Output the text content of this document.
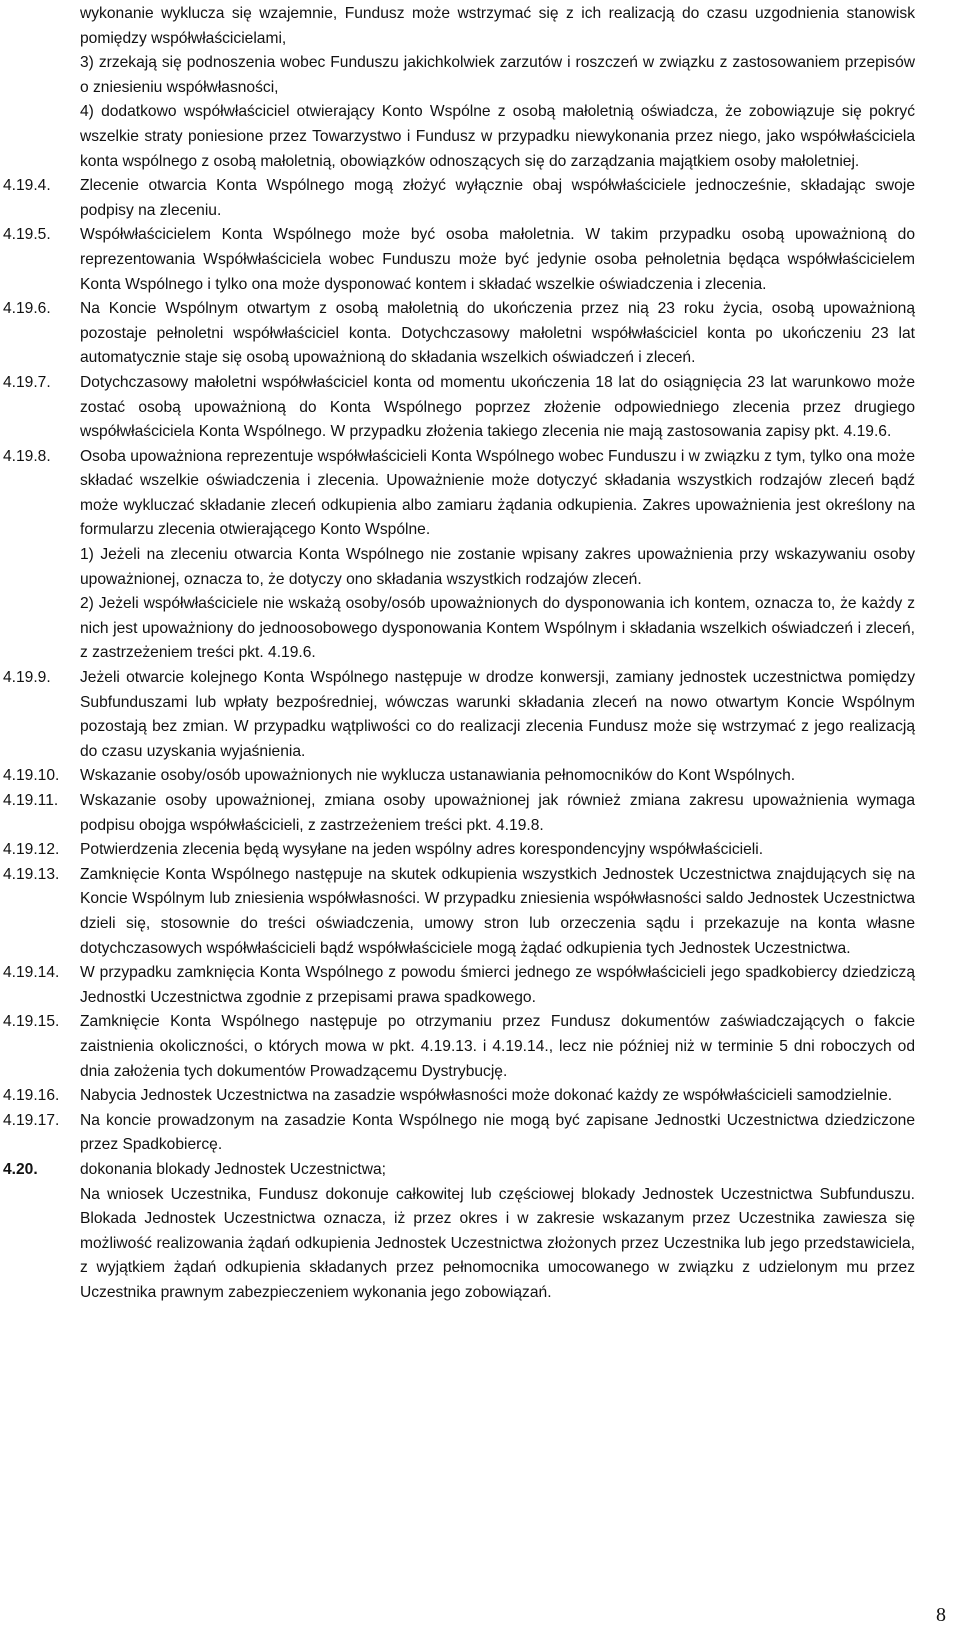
wykonanie wyklucza się wzajemnie, Fundusz może wstrzymać się z ich realizacją do czasu uzgodnienia stanowisk pomiędzy współwłaścicielami,
3) zrzekają się podnoszenia wobec Funduszu jakichkolwiek zarzutów i roszczeń w związku z zastosowaniem przepisów o zniesieniu współwłasności,
4) dodatkowo współwłaściciel otwierający Konto Wspólne z osobą małoletnią oświadcza, że zobowiązuje się pokryć wszelkie straty poniesione przez Towarzystwo i Fundusz w przypadku niewykonania przez niego, jako współwłaściciela konta wspólnego z osobą małoletnią, obowiązków odnoszących się do zarządzania majątkiem osoby małoletniej.
4.19.4.	Zlecenie otwarcia Konta Wspólnego mogą złożyć wyłącznie obaj współwłaściciele jednocześnie, składając swoje podpisy na zleceniu.
4.19.5.	Współwłaścicielem Konta Wspólnego może być osoba małoletnia. W takim przypadku osobą upoważnioną do reprezentowania Współwłaściciela wobec Funduszu może być jedynie osoba pełnoletnia będąca współwłaścicielem Konta Wspólnego i tylko ona może dysponować kontem i składać wszelkie oświadczenia i zlecenia.
4.19.6.	Na Koncie Wspólnym otwartym z osobą małoletnią do ukończenia przez nią 23 roku życia, osobą upoważnioną pozostaje pełnoletni współwłaściciel konta. Dotychczasowy małoletni współwłaściciel konta po ukończeniu 23 lat automatycznie staje się osobą upoważnioną do składania wszelkich oświadczeń i zleceń.
4.19.7.	Dotychczasowy małoletni współwłaściciel konta od momentu ukończenia 18 lat do osiągnięcia 23 lat warunkowo może zostać osobą upoważnioną do Konta Wspólnego poprzez złożenie odpowiedniego zlecenia przez drugiego współwłaściciela Konta Wspólnego. W przypadku złożenia takiego zlecenia nie mają zastosowania zapisy pkt. 4.19.6.
4.19.8.	Osoba upoważniona reprezentuje współwłaścicieli Konta Wspólnego wobec Funduszu i w związku z tym, tylko ona może składać wszelkie oświadczenia i zlecenia. Upoważnienie może dotyczyć składania wszystkich rodzajów zleceń bądź może wykluczać składanie zleceń odkupienia albo zamiaru żądania odkupienia. Zakres upoważnienia jest określony na formularzu zlecenia otwierającego Konto Wspólne.
1) Jeżeli na zleceniu otwarcia Konta Wspólnego nie zostanie wpisany zakres upoważnienia przy wskazywaniu osoby upoważnionej, oznacza to, że dotyczy ono składania wszystkich rodzajów zleceń.
2) Jeżeli współwłaściciele nie wskażą osoby/osób upoważnionych do dysponowania ich kontem, oznacza to, że każdy z nich jest upoważniony do jednoosobowego dysponowania Kontem Wspólnym i składania wszelkich oświadczeń i zleceń, z zastrzeżeniem treści pkt. 4.19.6.
4.19.9.	Jeżeli otwarcie kolejnego Konta Wspólnego następuje w drodze konwersji, zamiany jednostek uczestnictwa pomiędzy Subfunduszami lub wpłaty bezpośredniej, wówczas warunki składania zleceń na nowo otwartym Koncie Wspólnym pozostają bez zmian. W przypadku wątpliwości co do realizacji zlecenia Fundusz może się wstrzymać z jego realizacją do czasu uzyskania wyjaśnienia.
4.19.10.	Wskazanie osoby/osób upoważnionych nie wyklucza ustanawiania pełnomocników do Kont Wspólnych.
4.19.11.	Wskazanie osoby upoważnionej, zmiana osoby upoważnionej jak również zmiana zakresu upoważnienia wymaga podpisu obojga współwłaścicieli, z zastrzeżeniem treści pkt. 4.19.8.
4.19.12.	Potwierdzenia zlecenia będą wysyłane na jeden wspólny adres korespondencyjny współwłaścicieli.
4.19.13.	Zamknięcie Konta Wspólnego następuje na skutek odkupienia wszystkich Jednostek Uczestnictwa znajdujących się na Koncie Wspólnym lub zniesienia współwłasności. W przypadku zniesienia współwłasności saldo Jednostek Uczestnictwa dzieli się, stosownie do treści oświadczenia, umowy stron lub orzeczenia sądu i przekazuje na konta własne dotychczasowych współwłaścicieli bądź współwłaściciele mogą żądać odkupienia tych Jednostek Uczestnictwa.
4.19.14.	W przypadku zamknięcia Konta Wspólnego z powodu śmierci jednego ze współwłaścicieli jego spadkobiercy dziedziczą Jednostki Uczestnictwa zgodnie z przepisami prawa spadkowego.
4.19.15.	Zamknięcie Konta Wspólnego następuje po otrzymaniu przez Fundusz dokumentów zaświadczających o fakcie zaistnienia okoliczności, o których mowa w pkt. 4.19.13. i 4.19.14., lecz nie później niż w terminie 5 dni roboczych od dnia założenia tych dokumentów Prowadzącemu Dystrybucję.
4.19.16.	Nabycia Jednostek Uczestnictwa na zasadzie współwłasności może dokonać każdy ze współwłaścicieli samodzielnie.
4.19.17.	Na koncie prowadzonym na zasadzie Konta Wspólnego nie mogą być zapisane Jednostki Uczestnictwa dziedziczone przez Spadkobiercę.
4.20.	dokonania blokady Jednostek Uczestnictwa;
Na wniosek Uczestnika, Fundusz dokonuje całkowitej lub częściowej blokady Jednostek Uczestnictwa Subfunduszu. Blokada Jednostek Uczestnictwa oznacza, iż przez okres i w zakresie wskazanym przez Uczestnika zawiesza się możliwość realizowania żądań odkupienia Jednostek Uczestnictwa złożonych przez Uczestnika lub jego przedstawiciela, z wyjątkiem żądań odkupienia składanych przez pełnomocnika umocowanego w związku z udzielonym mu przez Uczestnika prawnym zabezpieczeniem wykonania jego zobowiązań.
8
